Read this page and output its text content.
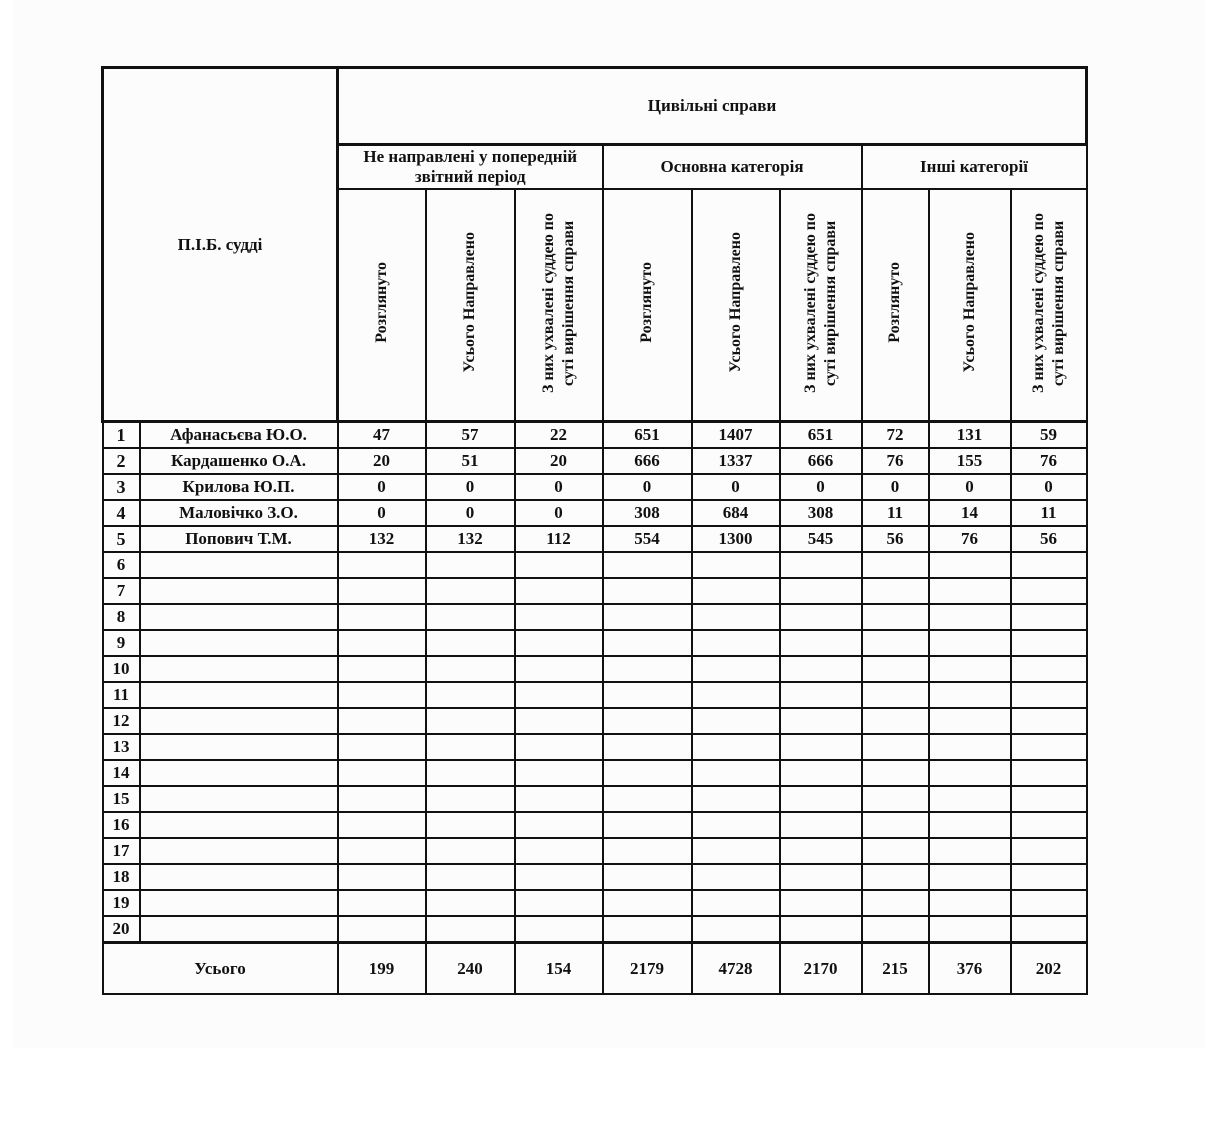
П.І.Б. судді		Цивільні справи								
		Не направлені у попередній звітний період			Основна категорія			Інші категорії		
		Розглянуто	Усього Направлено	З них ухвалені суддею по суті вирішення справи	Розглянуто	Усього Направлено	З них ухвалені суддею по суті вирішення справи	Розглянуто	Усього Направлено	З них ухвалені суддею по суті вирішення справи
1	Афанасьєва Ю.О.	47	57	22	651	1407	651	72	131	59
2	Кардашенко О.А.	20	51	20	666	1337	666	76	155	76
3	Крилова Ю.П.	0	0	0	0	0	0	0	0	0
4	Маловічко З.О.	0	0	0	308	684	308	11	14	11
5	Попович Т.М.	132	132	112	554	1300	545	56	76	56
6										
7										
8										
9										
10										
11										
12										
13										
14										
15										
16										
17										
18										
19										
20										
Усього		199	240	154	2179	4728	2170	215	376	202
